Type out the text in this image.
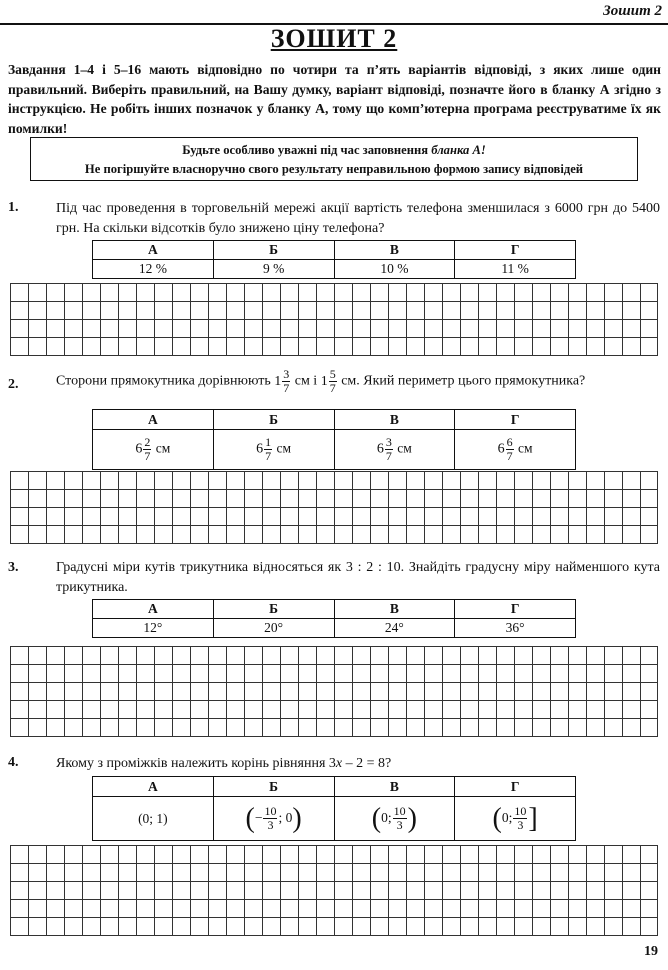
Зошит 2
ЗОШИТ 2
Завдання 1–4 і 5–16 мають відповідно по чотири та п’ять варіантів відповіді, з яких лише один правильний. Виберіть правильний, на Вашу думку, варіант відповіді, позначте його в бланку А згідно з інструкцією. Не робіть інших позначок у бланку А, тому що комп’ютерна програма реєструватиме їх як помилки!
Будьте особливо уважні під час заповнення бланка А!
Не погіршуйте власноручно свого результату неправильною формою запису відповідей
1.	Під час проведення в торговельній мережі акції вартість телефона зменшилася з 6000 грн до 5400 грн. На скільки відсотків було знижено ціну телефона?
А	Б	В	Г
12 %	9 %	10 %	11 %
2.	Сторони прямокутника дорівнюють $1 \frac{3}{7}$ см і $1 \frac{5}{7}$ см. Який периметр цього прямокутника?
А	Б	В	Г
$6 \frac{2}{7}$ см	$6 \frac{1}{7}$ см	$6 \frac{3}{7}$ см	$6 \frac{6}{7}$ см
3.	Градусні міри кутів трикутника відносяться як 3 : 2 : 10. Знайдіть градусну міру найменшого кута трикутника.
А	Б	В	Г
12°	20°	24°	36°
4.	Якому з проміжків належить корінь рівняння 3x – 2 = 8?
А	Б	В	Г
(0; 1)	(− $\frac{10}{3}$ ; 0)	(0; $\frac{10}{3}$ )	(0; $\frac{10}{3}$ ]
19
